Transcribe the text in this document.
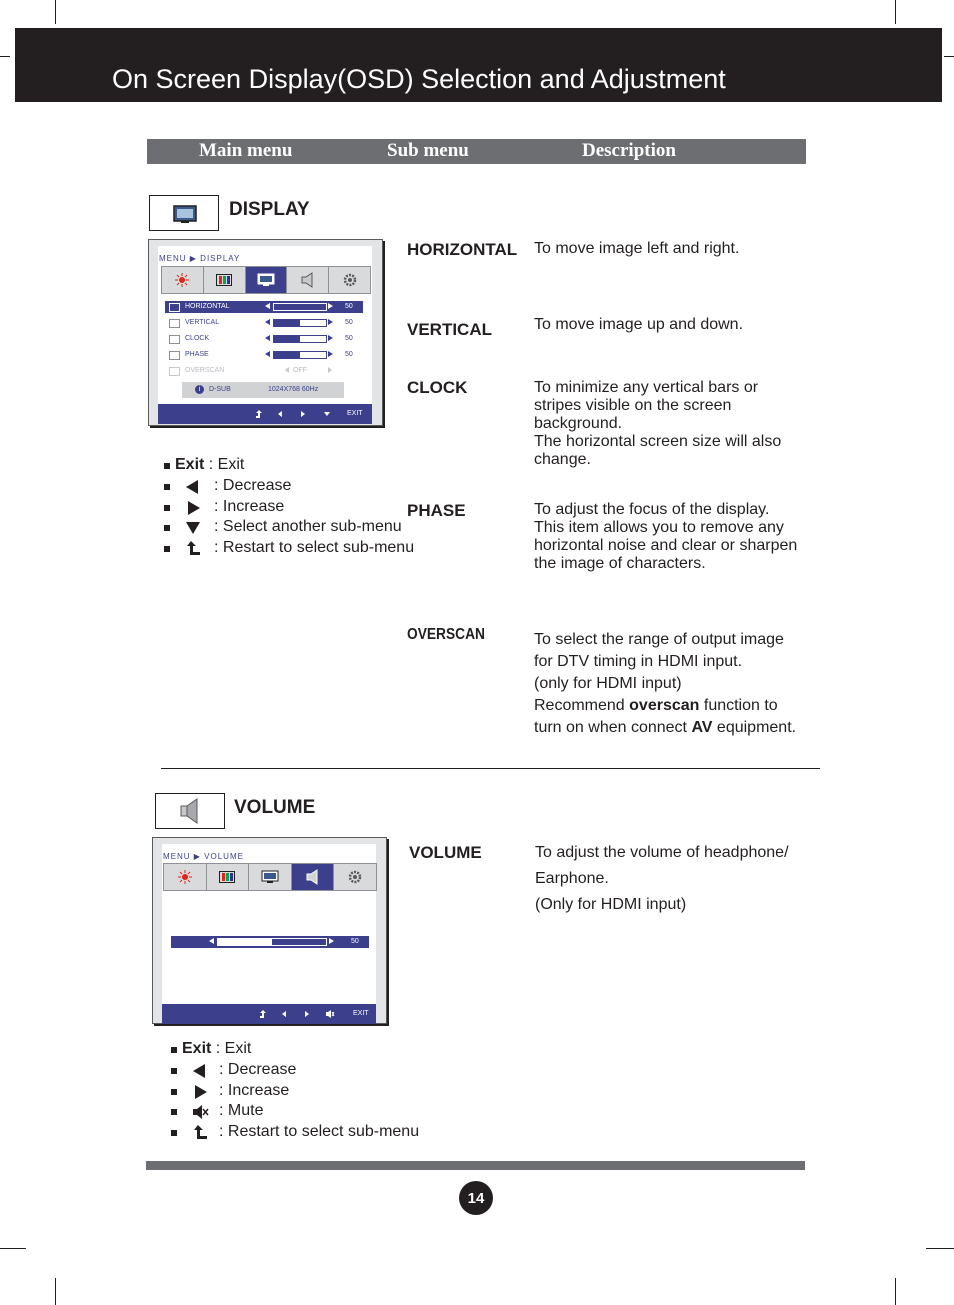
On Screen Display(OSD) Selection and Adjustment
Main menu	Sub menu	Description
DISPLAY
MENU ▶ DISPLAY
HORIZONTAL	50
VERTICAL	50
CLOCK	50
PHASE	50
OVERSCAN	OFF
i	D-SUB	1024X768 60Hz
EXIT
Exit : Exit
: Decrease
: Increase
: Select another sub-menu
: Restart to select sub-menu
HORIZONTAL To move image left and right.
VERTICAL	To move image up and down.
CLOCK	To minimize any vertical bars or
stripes visible on the screen
background.
The horizontal screen size will also
change.
PHASE	To adjust the focus of the display.
This item allows you to remove any
horizontal noise and clear or sharpen
the image of characters.
OVERSCAN	To select the range of output image
for DTV timing in HDMI input.
(only for HDMI input)
Recommend overscan function to
turn on when connect AV equipment.
VOLUME
MENU ▶ VOLUME
50
EXIT
Exit : Exit
: Decrease
: Increase
: Mute
: Restart to select sub-menu
VOLUME	To adjust the volume of headphone/
Earphone.
(Only for HDMI input)
14
